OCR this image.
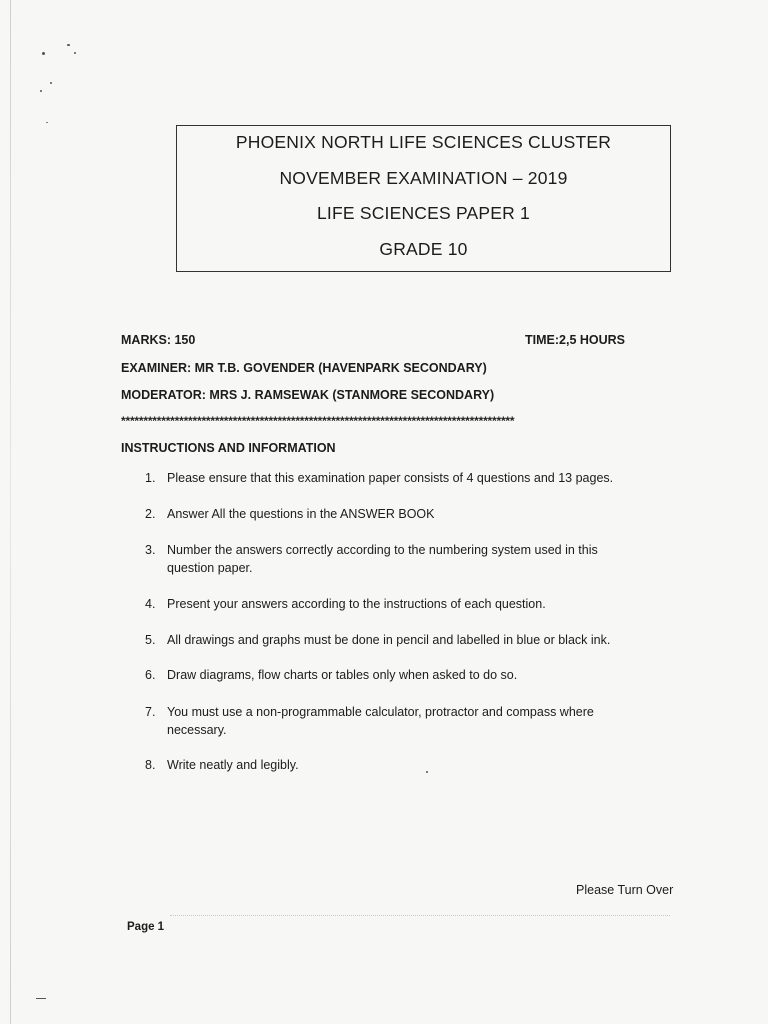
PHOENIX NORTH LIFE SCIENCES CLUSTER
NOVEMBER EXAMINATION – 2019
LIFE SCIENCES PAPER 1
GRADE 10
MARKS: 150	TIME:2,5 HOURS
EXAMINER: MR T.B. GOVENDER (HAVENPARK SECONDARY)
MODERATOR: MRS J. RAMSEWAK (STANMORE SECONDARY)
****************************************************************************************
INSTRUCTIONS AND INFORMATION
1. Please ensure that this examination paper consists of 4 questions and 13 pages.
2. Answer All the questions in the ANSWER BOOK
3. Number the answers correctly according to the numbering system used in this question paper.
4. Present your answers according to the instructions of each question.
5. All drawings and graphs must be done in pencil and labelled in blue or black ink.
6. Draw diagrams, flow charts or tables only when asked to do so.
7. You must use a non-programmable calculator, protractor and compass where necessary.
8. Write neatly and legibly.
Please Turn Over
Page 1
